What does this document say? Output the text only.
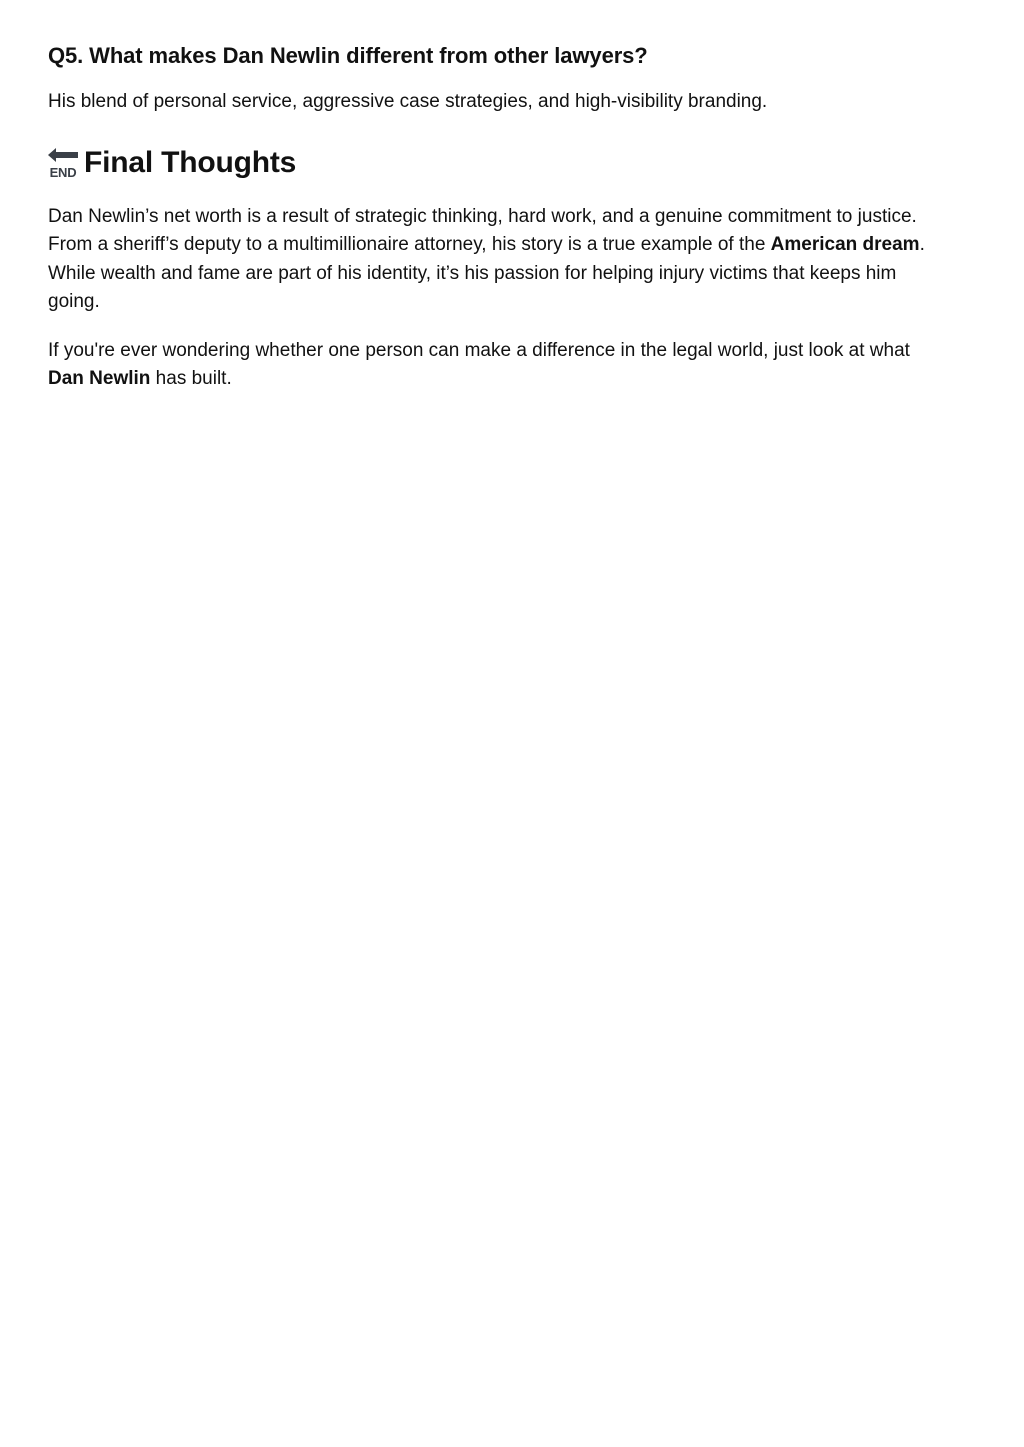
Q5. What makes Dan Newlin different from other lawyers?

His blend of personal service, aggressive case strategies, and high-visibility branding.

END Final Thoughts

Dan Newlin’s net worth is a result of strategic thinking, hard work, and a genuine commitment to justice. From a sheriff’s deputy to a multimillionaire attorney, his story is a true example of the American dream. While wealth and fame are part of his identity, it’s his passion for helping injury victims that keeps him going.

If you're ever wondering whether one person can make a difference in the legal world, just look at what Dan Newlin has built.
